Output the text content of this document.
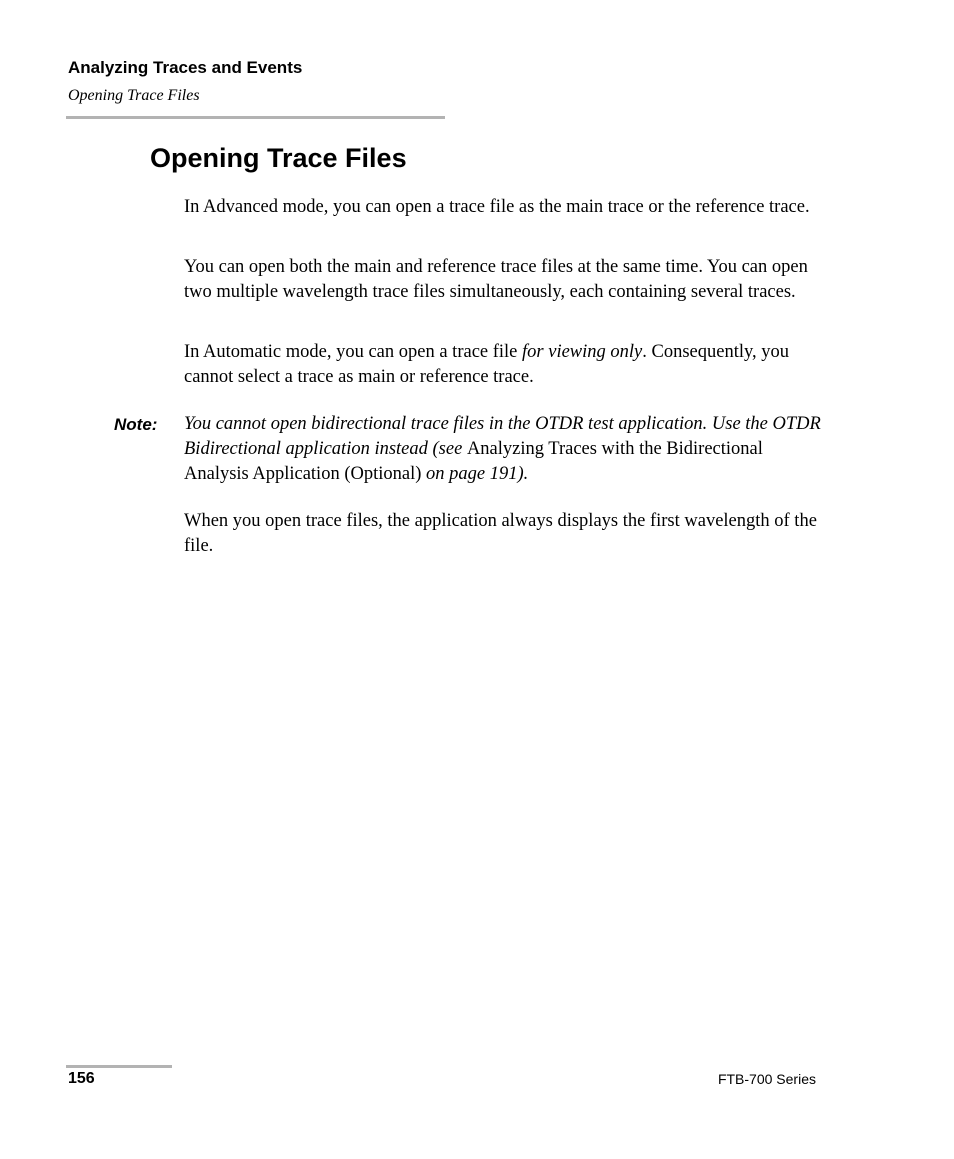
Analyzing Traces and Events
Opening Trace Files
Opening Trace Files

In Advanced mode, you can open a trace file as the main trace or the reference trace.

You can open both the main and reference trace files at the same time. You can open two multiple wavelength trace files simultaneously, each containing several traces.

In Automatic mode, you can open a trace file for viewing only. Consequently, you cannot select a trace as main or reference trace.

Note: You cannot open bidirectional trace files in the OTDR test application. Use the OTDR Bidirectional application instead (see Analyzing Traces with the Bidirectional Analysis Application (Optional) on page 191).

When you open trace files, the application always displays the first wavelength of the file.

156	FTB-700 Series
